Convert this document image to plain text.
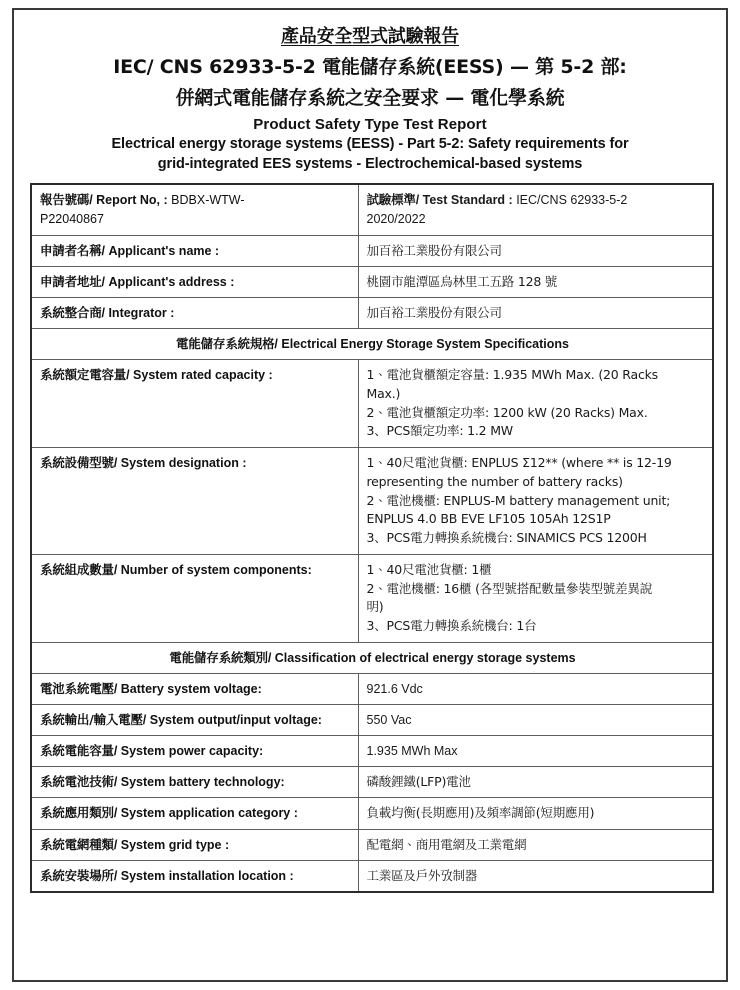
產品安全型式試驗報告
IEC/ CNS 62933-5-2 電能儲存系統(EESS) — 第 5-2 部:
併網式電能儲存系統之安全要求 — 電化學系統
Product Safety Type Test Report
Electrical energy storage systems (EESS) - Part 5-2: Safety requirements for
grid-integrated EES systems - Electrochemical-based systems
報告號碼/ Report No, : BDBX-WTW-
P22040867	試驗標準/ Test Standard : IEC/CNS 62933-5-2
2020/2022

申請者名稱/ Applicant's name :	加百裕工業股份有限公司
申請者地址/ Applicant's address :	桃園市龍潭區烏林里工五路 128 號
系統整合商/ Integrator :	加百裕工業股份有限公司
電能儲存系統規格/ Electrical Energy Storage System Specifications	
系統額定電容量/ System rated capacity :	1、電池貨櫃額定容量: 1.935 MWh Max. (20 Racks
Max.)
2、電池貨櫃額定功率: 1200 kW (20 Racks) Max.
3、PCS額定功率: 1.2 MW

系統設備型號/ System designation :	1、40尺電池貨櫃: ENPLUS Σ12** (where ** is 12-19
representing the number of battery racks)
2、電池機櫃: ENPLUS-M battery management unit;
ENPLUS 4.0 BB EVE LF105 105Ah 12S1P
3、PCS電力轉換系統機台: SINAMICS PCS 1200H

系統組成數量/ Number of system components:	1、40尺電池貨櫃: 1櫃
2、電池機櫃: 16櫃 (各型號搭配數量參裝型號差異說
明)
3、PCS電力轉換系統機台: 1台

電能儲存系統類別/ Classification of electrical energy storage systems	
電池系統電壓/ Battery system voltage:	921.6 Vdc
系統輸出/輸入電壓/ System output/input voltage:	550 Vac
系統電能容量/ System power capacity:	1.935 MWh Max
系統電池技術/ System battery technology:	磷酸鋰鐵(LFP)電池
系統應用類別/ System application category :	負載均衡(長期應用)及頻率調節(短期應用)
系統電網種類/ System grid type :	配電網、商用電網及工業電網
系統安裝場所/ System installation location :	工業區及戶外攷制器
